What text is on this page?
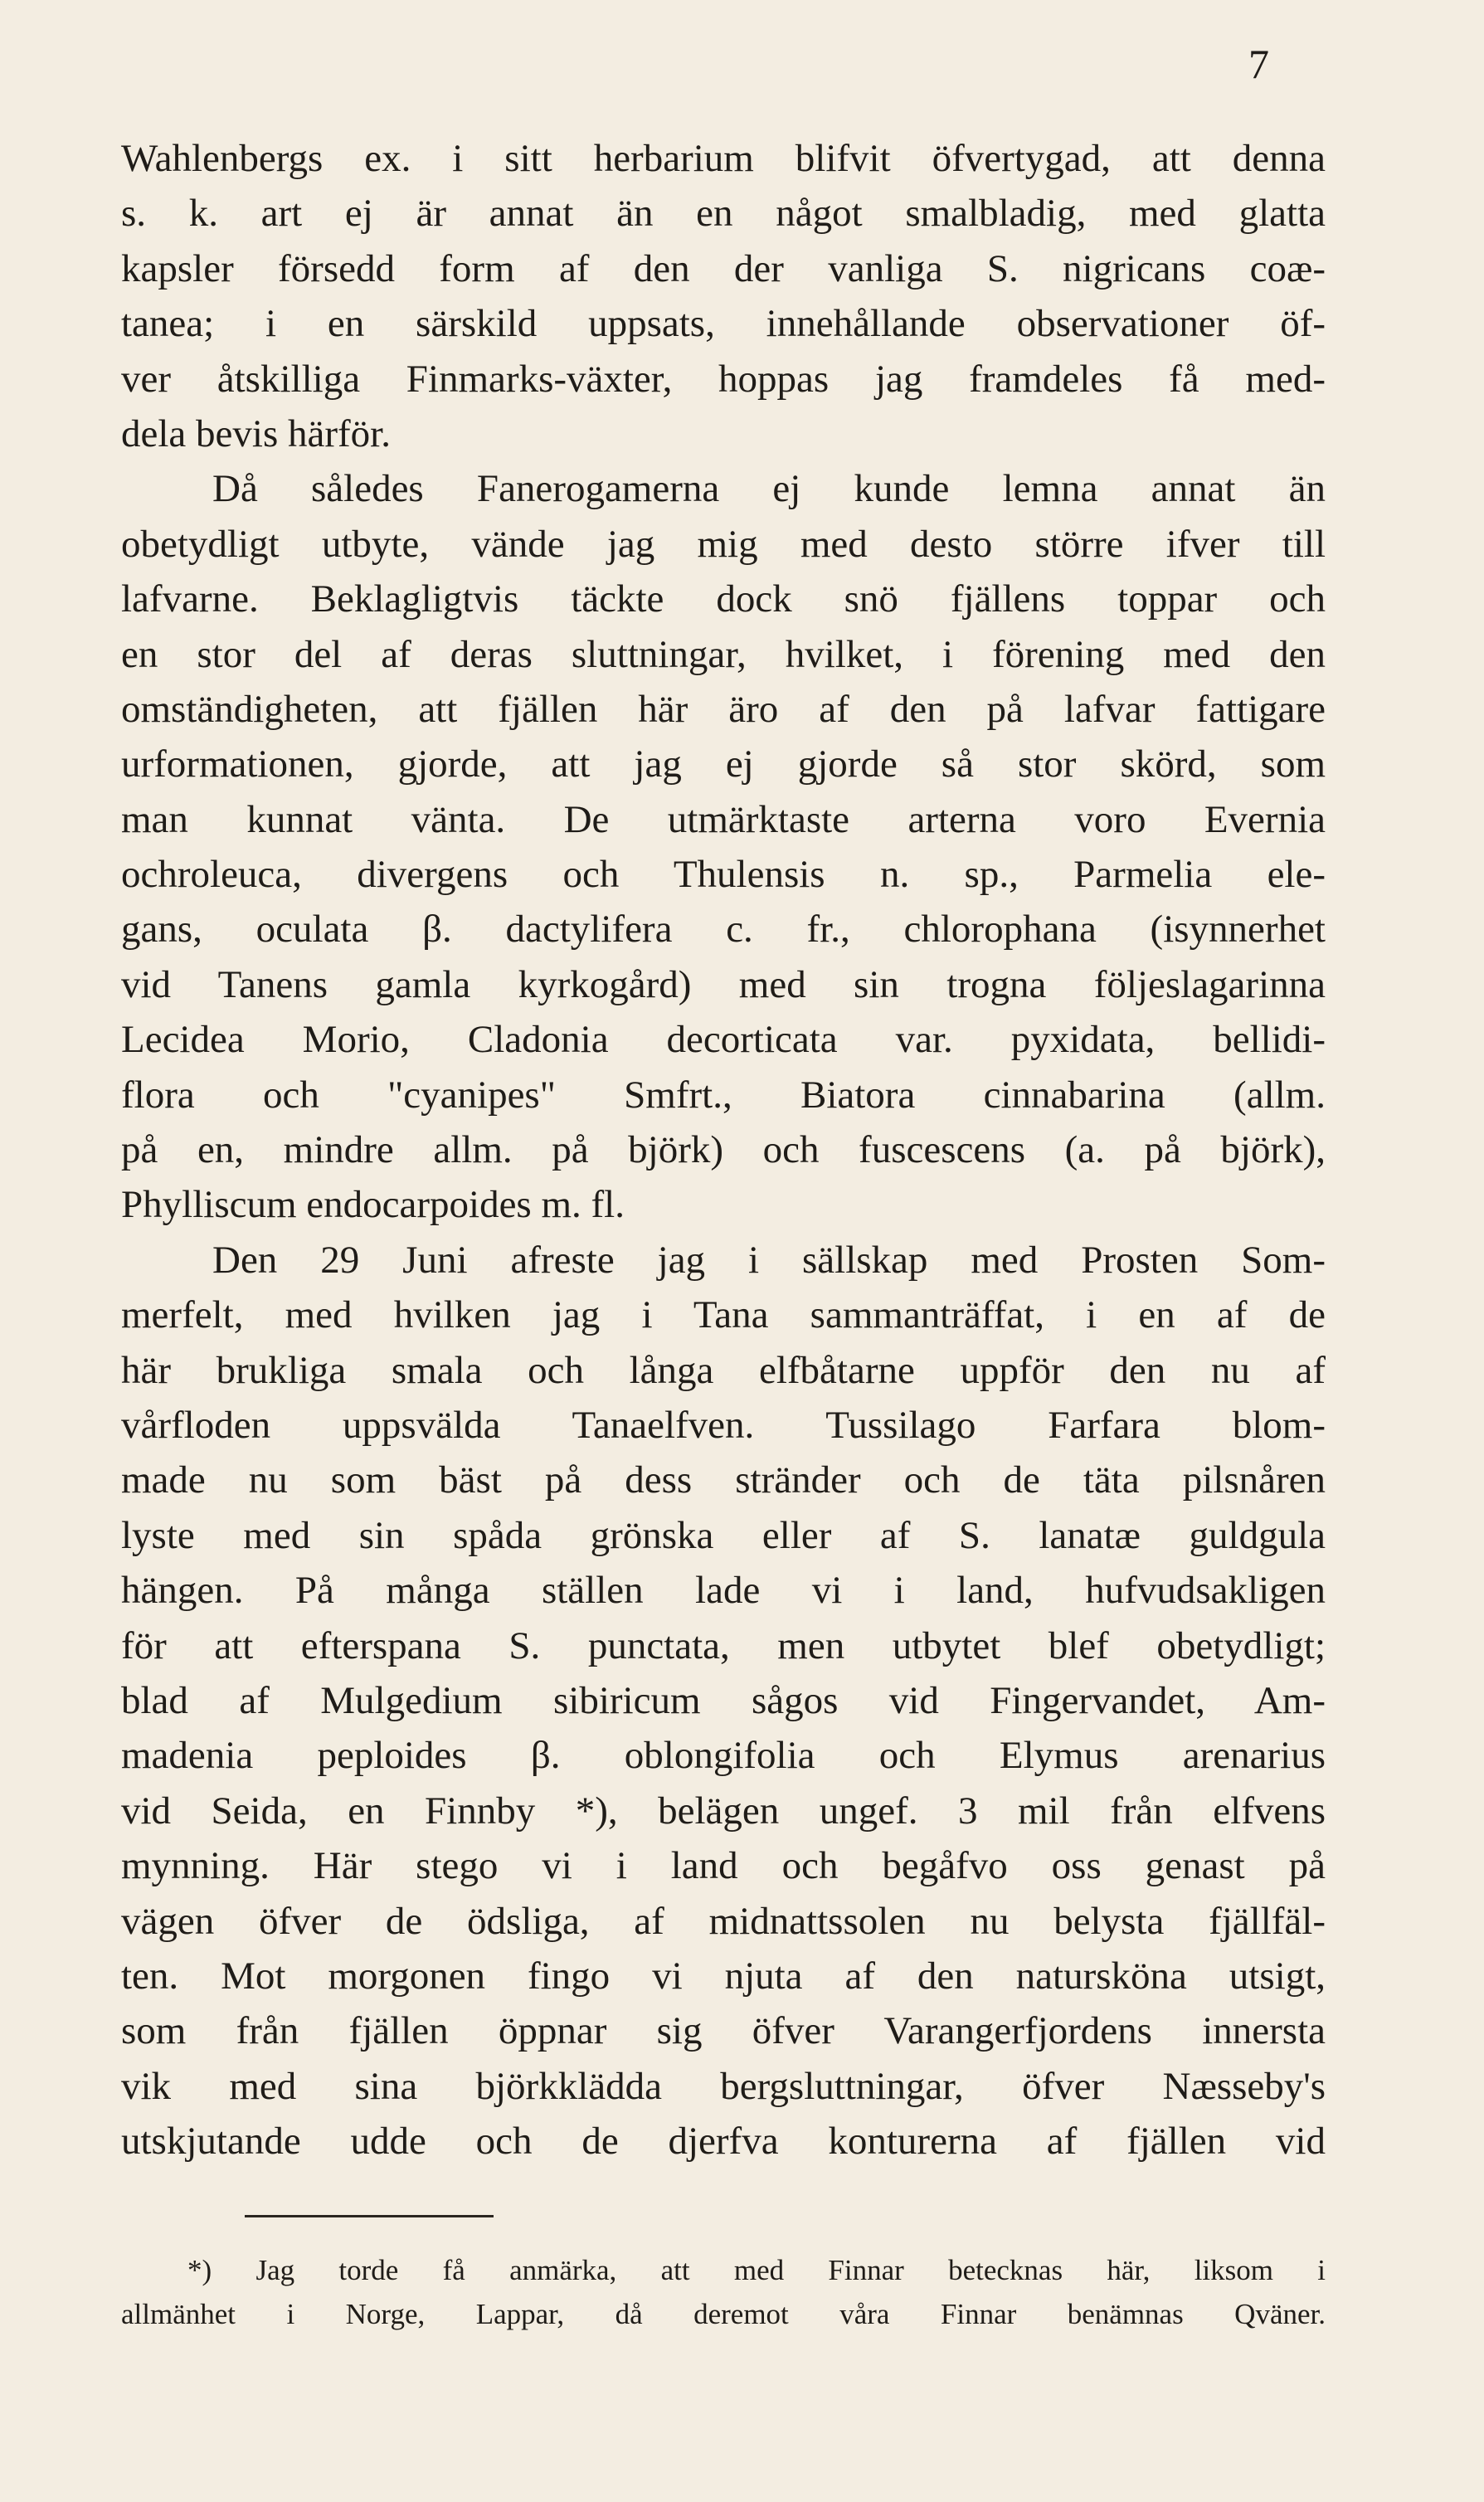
7
Wahlenbergs ex. i sitt herbarium blifvit öfvertygad, att denna
s. k. art ej är annat än en något smalbladig, med glatta
kapsler försedd form af den der vanliga S. nigricans coæ-
tanea; i en särskild uppsats, innehållande observationer öf-
ver åtskilliga Finmarks-växter, hoppas jag framdeles få med-
dela bevis härför.
Då således Fanerogamerna ej kunde lemna annat än
obetydligt utbyte, vände jag mig med desto större ifver till
lafvarne. Beklagligtvis täckte dock snö fjällens toppar och
en stor del af deras sluttningar, hvilket, i förening med den
omständigheten, att fjällen här äro af den på lafvar fattigare
urformationen, gjorde, att jag ej gjorde så stor skörd, som
man kunnat vänta. De utmärktaste arterna voro Evernia
ochroleuca, divergens och Thulensis n. sp., Parmelia ele-
gans, oculata β. dactylifera c. fr., chlorophana (isynnerhet
vid Tanens gamla kyrkogård) med sin trogna följeslagarinna
Lecidea Morio, Cladonia decorticata var. pyxidata, bellidi-
flora och "cyanipes" Smfrt., Biatora cinnabarina (allm.
på en, mindre allm. på björk) och fuscescens (a. på björk),
Phylliscum endocarpoides m. fl.
Den 29 Juni afreste jag i sällskap med Prosten Som-
merfelt, med hvilken jag i Tana sammanträffat, i en af de
här brukliga smala och långa elfbåtarne uppför den nu af
vårfloden uppsvälda Tanaelfven. Tussilago Farfara blom-
made nu som bäst på dess stränder och de täta pilsnåren
lyste med sin spåda grönska eller af S. lanatæ guldgula
hängen. På många ställen lade vi i land, hufvudsakligen
för att efterspana S. punctata, men utbytet blef obetydligt;
blad af Mulgedium sibiricum sågos vid Fingervandet, Am-
madenia peploides β. oblongifolia och Elymus arenarius
vid Seida, en Finnby *), belägen ungef. 3 mil från elfvens
mynning. Här stego vi i land och begåfvo oss genast på
vägen öfver de ödsliga, af midnattssolen nu belysta fjällfäl-
ten. Mot morgonen fingo vi njuta af den natursköna utsigt,
som från fjällen öppnar sig öfver Varangerfjordens innersta
vik med sina björkklädda bergsluttningar, öfver Næsseby's
utskjutande udde och de djerfva konturerna af fjällen vid
*) Jag torde få anmärka, att med Finnar betecknas här, liksom i
allmänhet i Norge, Lappar, då deremot våra Finnar benämnas Qväner.
